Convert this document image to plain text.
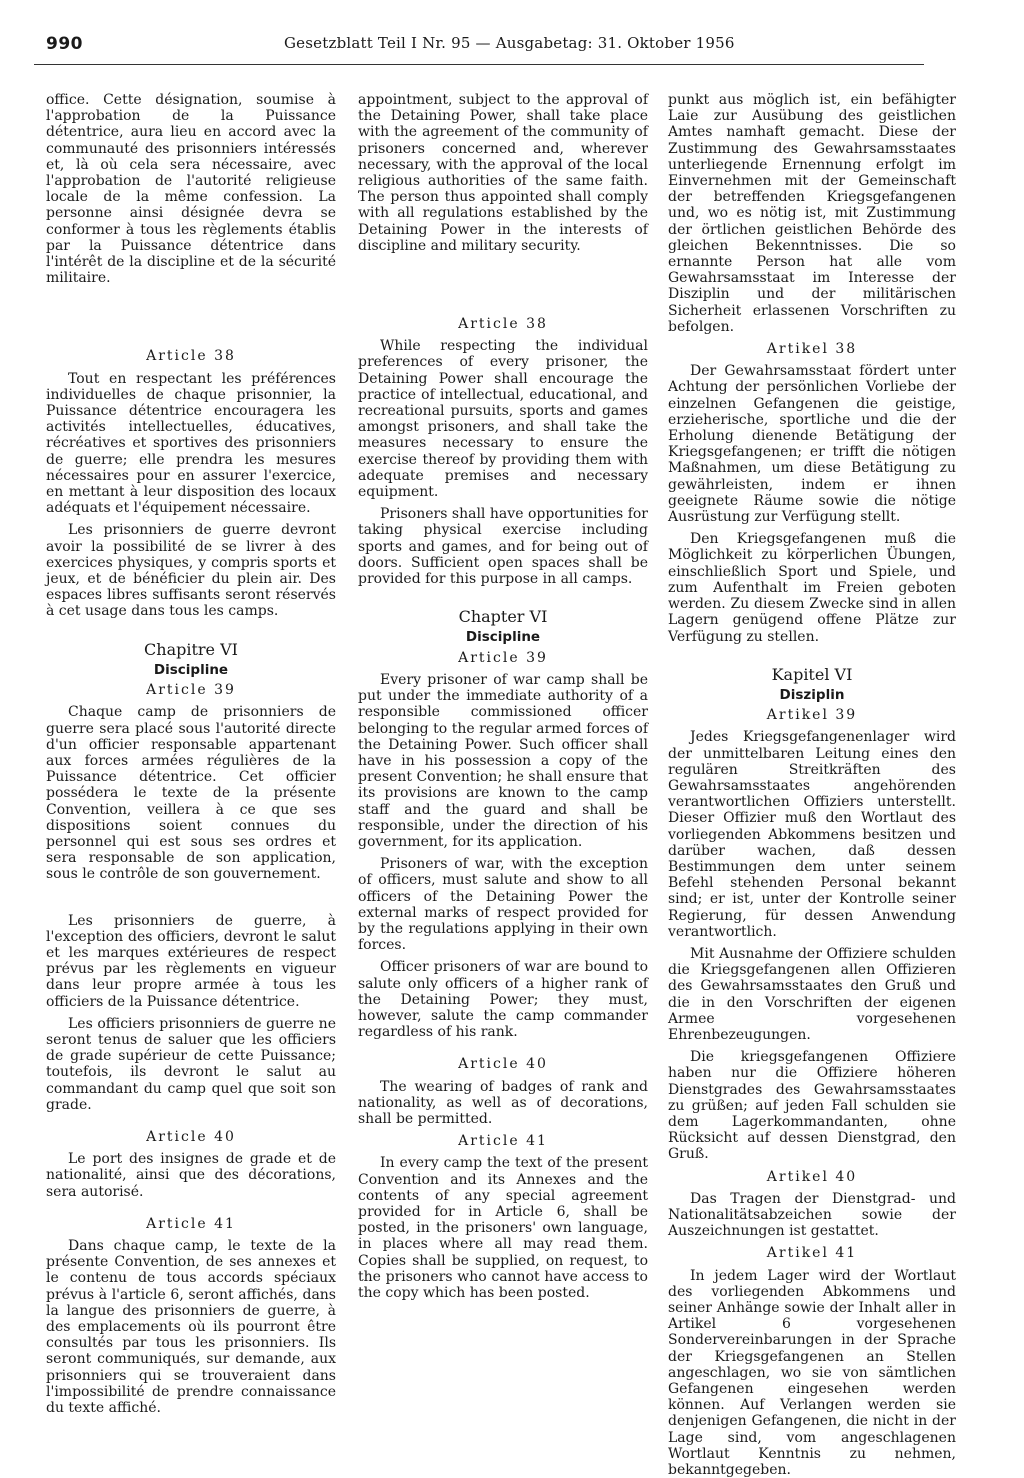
990	Gesetzblatt Teil I Nr. 95 — Ausgabetag: 31. Oktober 1956

office. Cette désignation, soumise à l'approbation de la Puissance détentrice, aura lieu en accord avec la communauté des prisonniers intéressés et, là où cela sera nécessaire, avec l'approbation de l'autorité religieuse locale de la même confession. La personne ainsi désignée devra se conformer à tous les règlements établis par la Puissance détentrice dans l'intérêt de la discipline et de la sécurité militaire.

Article 38

Tout en respectant les préférences individuelles de chaque prisonnier, la Puissance détentrice encouragera les activités intellectuelles, éducatives, récréatives et sportives des prisonniers de guerre; elle prendra les mesures nécessaires pour en assurer l'exercice, en mettant à leur disposition des locaux adéquats et l'équipement nécessaire.

Les prisonniers de guerre devront avoir la possibilité de se livrer à des exercices physiques, y compris sports et jeux, et de bénéficier du plein air. Des espaces libres suffisants seront réservés à cet usage dans tous les camps.

Chapitre VI
Discipline
Article 39

Chaque camp de prisonniers de guerre sera placé sous l'autorité directe d'un officier responsable appartenant aux forces armées régulières de la Puissance détentrice. Cet officier possédera le texte de la présente Convention, veillera à ce que ses dispositions soient connues du personnel qui est sous ses ordres et sera responsable de son application, sous le contrôle de son gouvernement.

Les prisonniers de guerre, à l'exception des officiers, devront le salut et les marques extérieures de respect prévus par les règlements en vigueur dans leur propre armée à tous les officiers de la Puissance détentrice.

Les officiers prisonniers de guerre ne seront tenus de saluer que les officiers de grade supérieur de cette Puissance; toutefois, ils devront le salut au commandant du camp quel que soit son grade.

Article 40

Le port des insignes de grade et de nationalité, ainsi que des décorations, sera autorisé.

Article 41

Dans chaque camp, le texte de la présente Convention, de ses annexes et le contenu de tous accords spéciaux prévus à l'article 6, seront affichés, dans la langue des prisonniers de guerre, à des emplacements où ils pourront être consultés par tous les prisonniers. Ils seront communiqués, sur demande, aux prisonniers qui se trouveraient dans l'impossibilité de prendre connaissance du texte affiché.

appointment, subject to the approval of the Detaining Power, shall take place with the agreement of the community of prisoners concerned and, wherever necessary, with the approval of the local religious authorities of the same faith. The person thus appointed shall comply with all regulations established by the Detaining Power in the interests of discipline and military security.

Article 38

While respecting the individual preferences of every prisoner, the Detaining Power shall encourage the practice of intellectual, educational, and recreational pursuits, sports and games amongst prisoners, and shall take the measures necessary to ensure the exercise thereof by providing them with adequate premises and necessary equipment.

Prisoners shall have opportunities for taking physical exercise including sports and games, and for being out of doors. Sufficient open spaces shall be provided for this purpose in all camps.

Chapter VI
Discipline
Article 39

Every prisoner of war camp shall be put under the immediate authority of a responsible commissioned officer belonging to the regular armed forces of the Detaining Power. Such officer shall have in his possession a copy of the present Convention; he shall ensure that its provisions are known to the camp staff and the guard and shall be responsible, under the direction of his government, for its application.

Prisoners of war, with the exception of officers, must salute and show to all officers of the Detaining Power the external marks of respect provided for by the regulations applying in their own forces.

Officer prisoners of war are bound to salute only officers of a higher rank of the Detaining Power; they must, however, salute the camp commander regardless of his rank.

Article 40

The wearing of badges of rank and nationality, as well as of decorations, shall be permitted.

Article 41

In every camp the text of the present Convention and its Annexes and the contents of any special agreement provided for in Article 6, shall be posted, in the prisoners' own language, in places where all may read them. Copies shall be supplied, on request, to the prisoners who cannot have access to the copy which has been posted.

punkt aus möglich ist, ein befähigter Laie zur Ausübung des geistlichen Amtes namhaft gemacht. Diese der Zustimmung des Gewahrsamsstaates unterliegende Ernennung erfolgt im Einvernehmen mit der Gemeinschaft der betreffenden Kriegsgefangenen und, wo es nötig ist, mit Zustimmung der örtlichen geistlichen Behörde des gleichen Bekenntnisses. Die so ernannte Person hat alle vom Gewahrsamsstaat im Interesse der Disziplin und der militärischen Sicherheit erlassenen Vorschriften zu befolgen.

Artikel 38

Der Gewahrsamsstaat fördert unter Achtung der persönlichen Vorliebe der einzelnen Gefangenen die geistige, erzieherische, sportliche und die der Erholung dienende Betätigung der Kriegsgefangenen; er trifft die nötigen Maßnahmen, um diese Betätigung zu gewährleisten, indem er ihnen geeignete Räume sowie die nötige Ausrüstung zur Verfügung stellt.

Den Kriegsgefangenen muß die Möglichkeit zu körperlichen Übungen, einschließlich Sport und Spiele, und zum Aufenthalt im Freien geboten werden. Zu diesem Zwecke sind in allen Lagern genügend offene Plätze zur Verfügung zu stellen.

Kapitel VI
Disziplin
Artikel 39

Jedes Kriegsgefangenenlager wird der unmittelbaren Leitung eines den regulären Streitkräften des Gewahrsamsstaates angehörenden verantwortlichen Offiziers unterstellt. Dieser Offizier muß den Wortlaut des vorliegenden Abkommens besitzen und darüber wachen, daß dessen Bestimmungen dem unter seinem Befehl stehenden Personal bekannt sind; er ist, unter der Kontrolle seiner Regierung, für dessen Anwendung verantwortlich.

Mit Ausnahme der Offiziere schulden die Kriegsgefangenen allen Offizieren des Gewahrsamsstaates den Gruß und die in den Vorschriften der eigenen Armee vorgesehenen Ehrenbezeugungen.

Die kriegsgefangenen Offiziere haben nur die Offiziere höheren Dienstgrades des Gewahrsamsstaates zu grüßen; auf jeden Fall schulden sie dem Lagerkommandanten, ohne Rücksicht auf dessen Dienstgrad, den Gruß.

Artikel 40

Das Tragen der Dienstgrad- und Nationalitätsabzeichen sowie der Auszeichnungen ist gestattet.

Artikel 41

In jedem Lager wird der Wortlaut des vorliegenden Abkommens und seiner Anhänge sowie der Inhalt aller in Artikel 6 vorgesehenen Sondervereinbarungen in der Sprache der Kriegsgefangenen an Stellen angeschlagen, wo sie von sämtlichen Gefangenen eingesehen werden können. Auf Verlangen werden sie denjenigen Gefangenen, die nicht in der Lage sind, vom angeschlagenen Wortlaut Kenntnis zu nehmen, bekanntgegeben.
